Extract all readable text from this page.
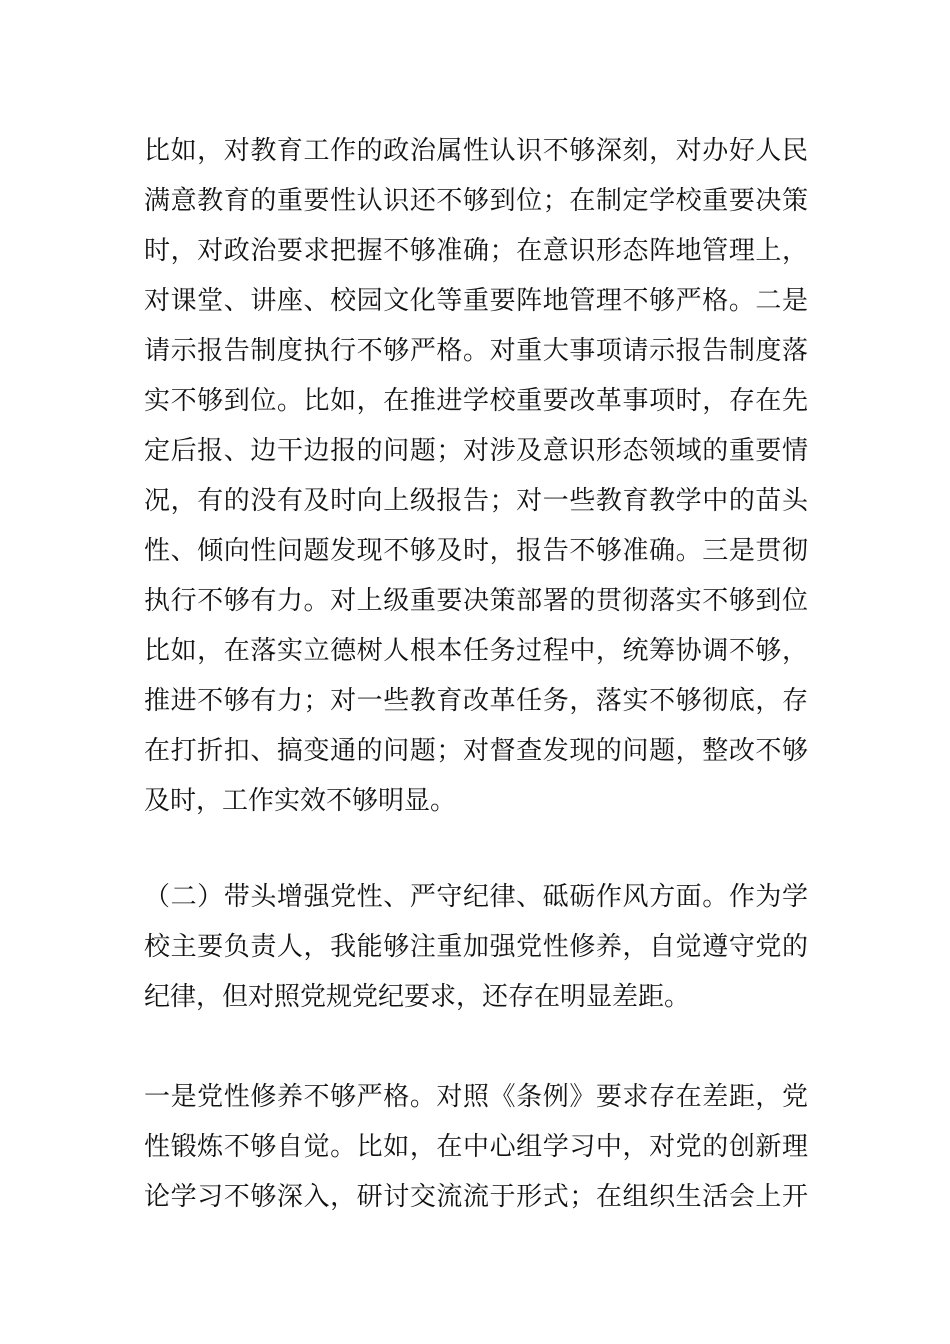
比如，对教育工作的政治属性认识不够深刻，对办好人民
满意教育的重要性认识还不够到位；在制定学校重要决策
时，对政治要求把握不够准确；在意识形态阵地管理上，
对课堂、讲座、校园文化等重要阵地管理不够严格。二是
请示报告制度执行不够严格。对重大事项请示报告制度落
实不够到位。比如，在推进学校重要改革事项时，存在先
定后报、边干边报的问题；对涉及意识形态领域的重要情
况，有的没有及时向上级报告；对一些教育教学中的苗头
性、倾向性问题发现不够及时，报告不够准确。三是贯彻
执行不够有力。对上级重要决策部署的贯彻落实不够到位
比如，在落实立德树人根本任务过程中，统筹协调不够，
推进不够有力；对一些教育改革任务，落实不够彻底，存
在打折扣、搞变通的问题；对督查发现的问题，整改不够
及时，工作实效不够明显。
（二）带头增强党性、严守纪律、砥砺作风方面。作为学
校主要负责人，我能够注重加强党性修养，自觉遵守党的
纪律，但对照党规党纪要求，还存在明显差距。
一是党性修养不够严格。对照《条例》要求存在差距，党
性锻炼不够自觉。比如，在中心组学习中，对党的创新理
论学习不够深入，研讨交流流于形式；在组织生活会上开
